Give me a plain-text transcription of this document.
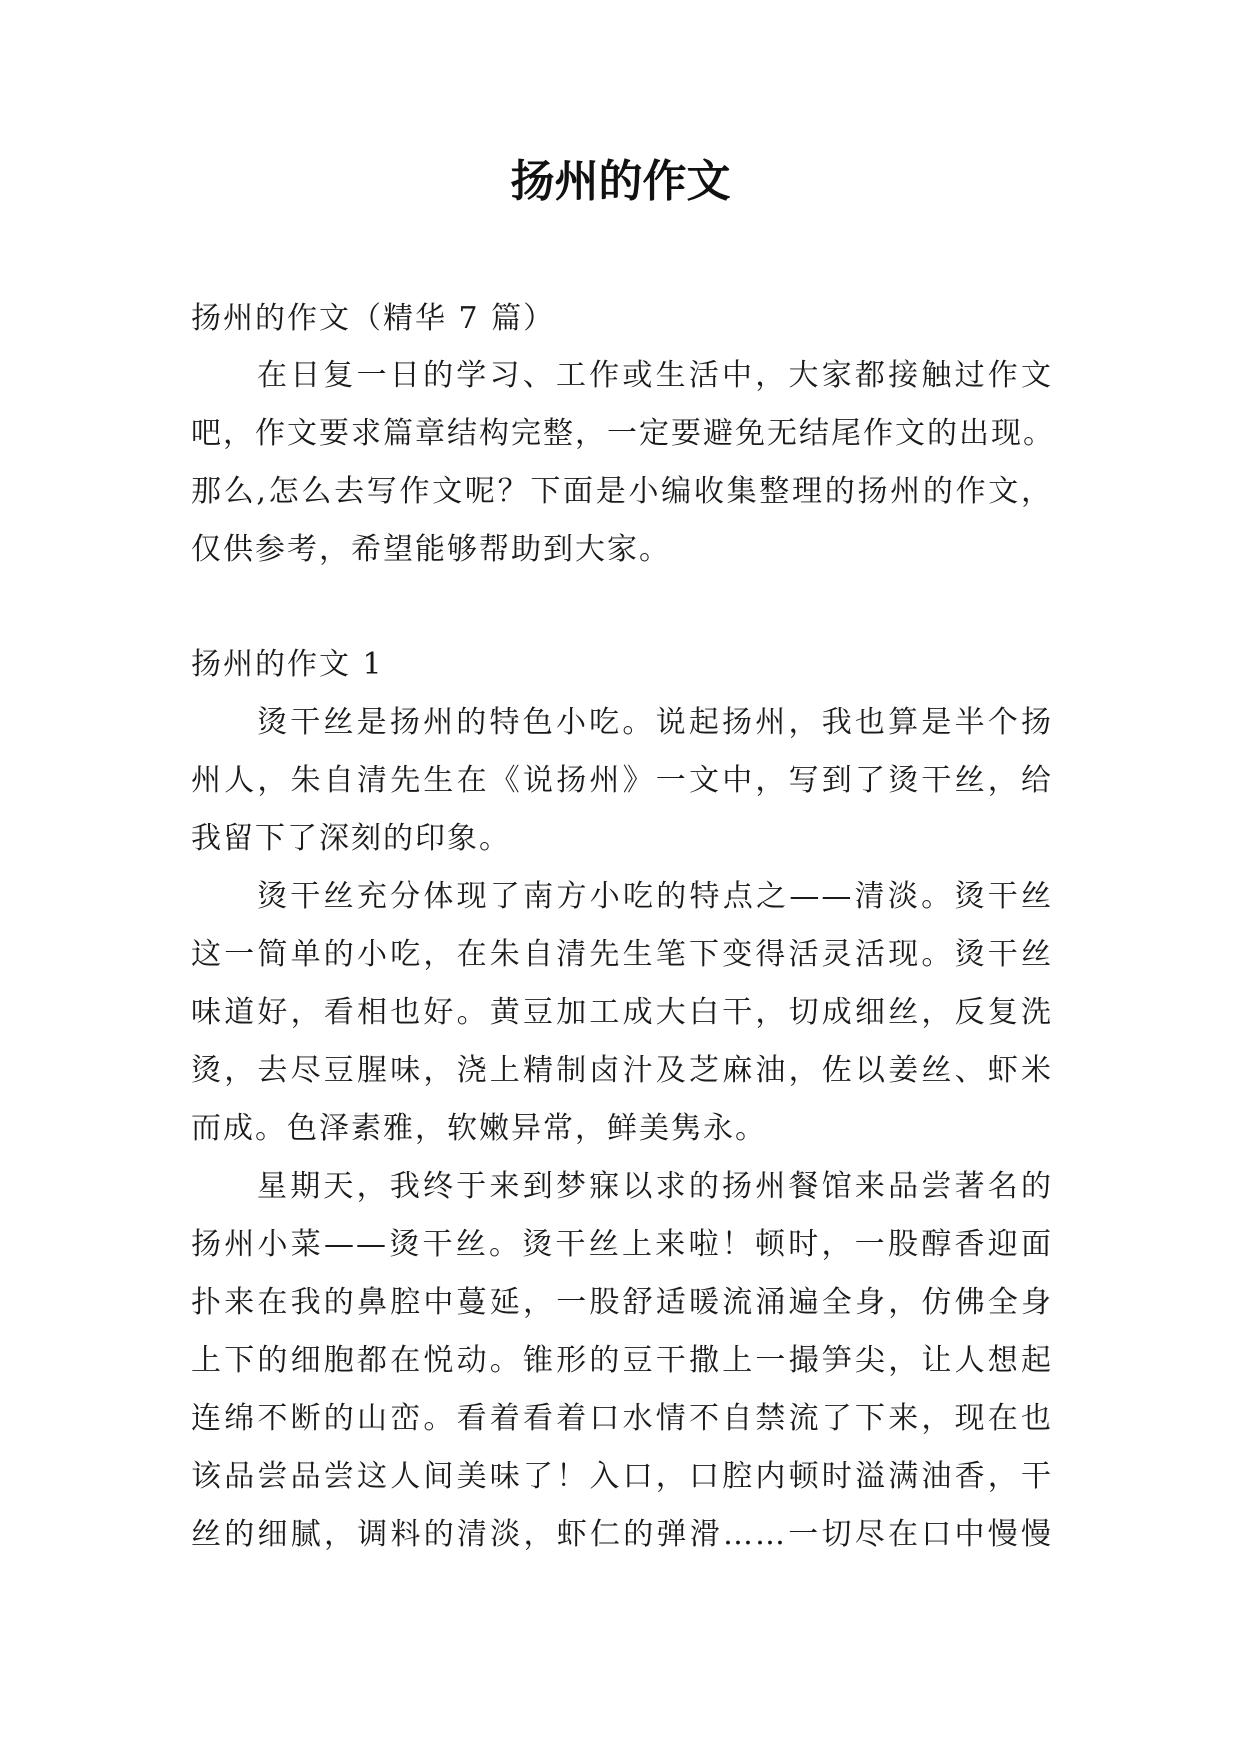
扬州的作文
扬州的作文（精华 7 篇）
在日复一日的学习、工作或生活中，大家都接触过作文
吧，作文要求篇章结构完整，一定要避免无结尾作文的出现。
那么,怎么去写作文呢？下面是小编收集整理的扬州的作文，
仅供参考，希望能够帮助到大家。
扬州的作文 1
烫干丝是扬州的特色小吃。说起扬州，我也算是半个扬
州人，朱自清先生在《说扬州》一文中，写到了烫干丝，给
我留下了深刻的印象。
烫干丝充分体现了南方小吃的特点之——清淡。烫干丝
这一简单的小吃，在朱自清先生笔下变得活灵活现。烫干丝
味道好，看相也好。黄豆加工成大白干，切成细丝，反复洗
烫，去尽豆腥味，浇上精制卤汁及芝麻油，佐以姜丝、虾米
而成。色泽素雅，软嫩异常，鲜美隽永。
星期天，我终于来到梦寐以求的扬州餐馆来品尝著名的
扬州小菜——烫干丝。烫干丝上来啦！顿时，一股醇香迎面
扑来在我的鼻腔中蔓延，一股舒适暖流涌遍全身，仿佛全身
上下的细胞都在悦动。锥形的豆干撒上一撮笋尖，让人想起
连绵不断的山峦。看着看着口水情不自禁流了下来，现在也
该品尝品尝这人间美味了！入口，口腔内顿时溢满油香，干
丝的细腻，调料的清淡，虾仁的弹滑……一切尽在口中慢慢
